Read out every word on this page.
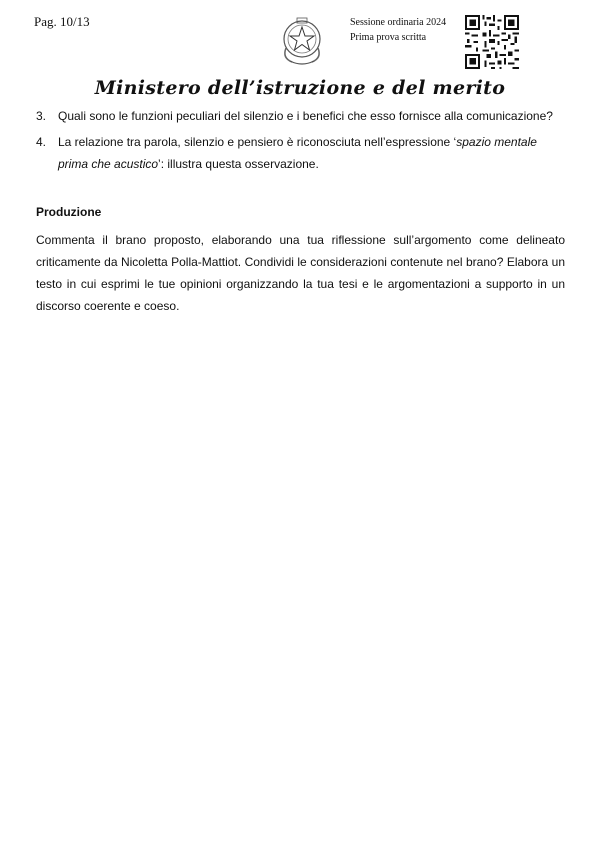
Pag. 10/13	Sessione ordinaria 2024
Prima prova scritta
Ministero dell’istruzione e del merito
3. Quali sono le funzioni peculiari del silenzio e i benefici che esso fornisce alla comunicazione?
4. La relazione tra parola, silenzio e pensiero è riconosciuta nell’espressione ‘spazio mentale prima che acustico’: illustra questa osservazione.
Produzione
Commenta il brano proposto, elaborando una tua riflessione sull’argomento come delineato criticamente da Nicoletta Polla-Mattiot. Condividi le considerazioni contenute nel brano? Elabora un testo in cui esprimi le tue opinioni organizzando la tua tesi e le argomentazioni a supporto in un discorso coerente e coeso.
